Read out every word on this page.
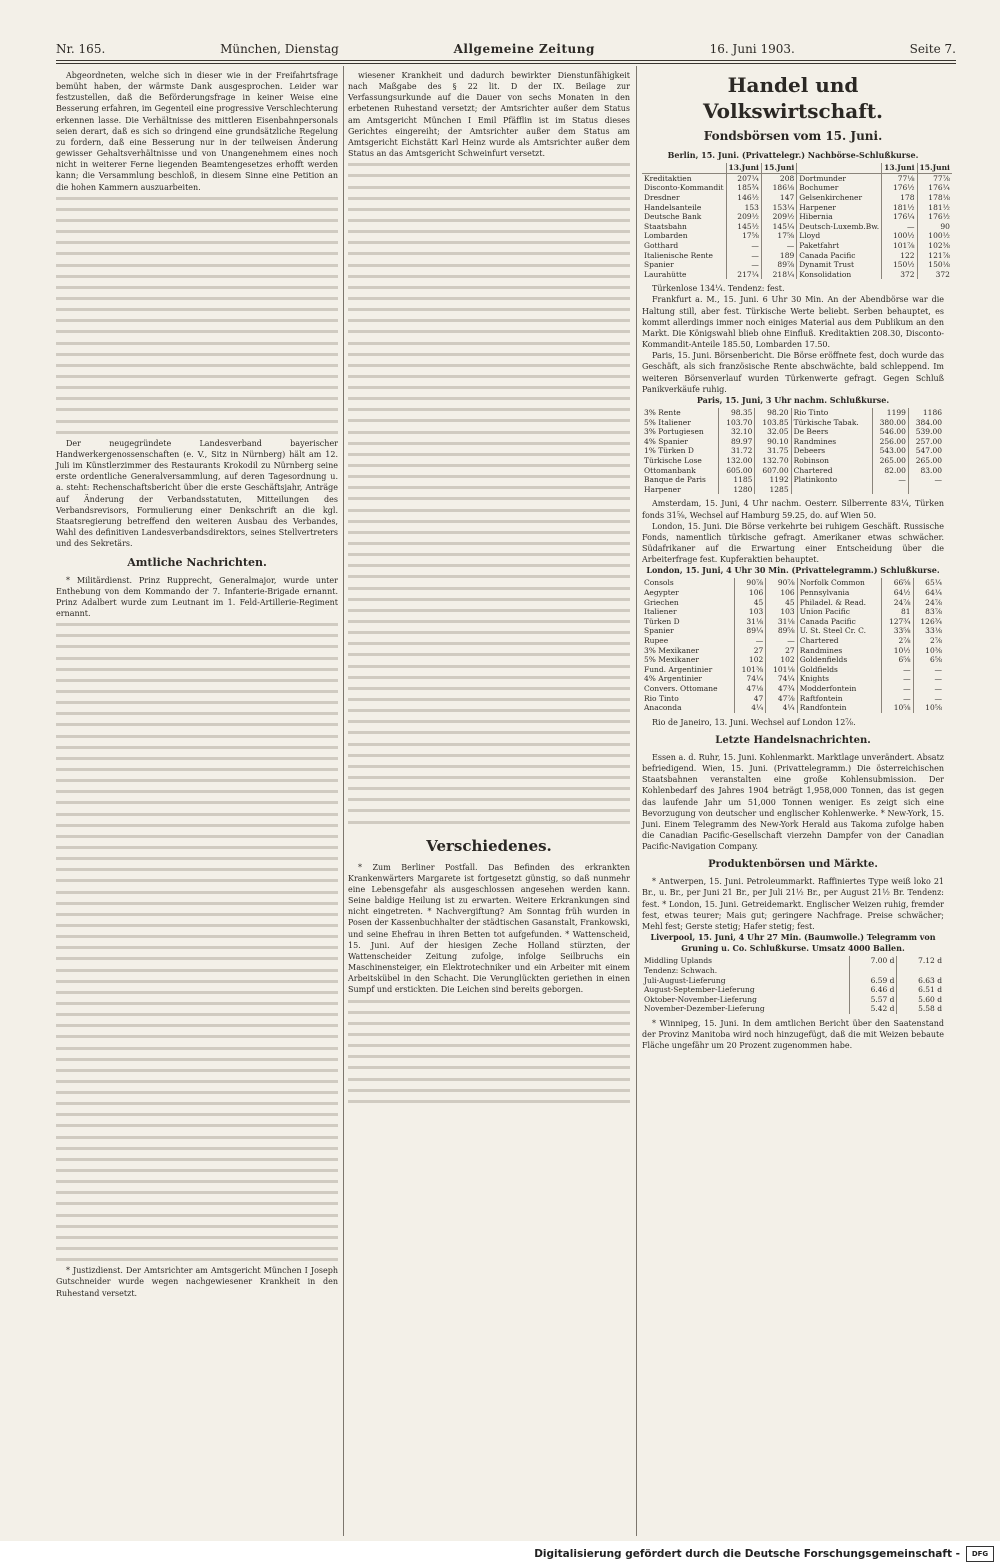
Nr. 165.	München, Dienstag	Allgemeine Zeitung	16. Juni 1903.	Seite 7.

Abgeordneten, welche sich in dieser wie in der Freifahrtsfrage bemüht haben, der wärmste Dank ausgesprochen. Leider war festzustellen, daß die Beförderungsfrage in keiner Weise eine Besserung erfahren, im Gegenteil eine progressive Verschlechterung erkennen lasse. Die Verhältnisse des mittleren Eisenbahnpersonals seien derart, daß es sich so dringend eine grundsätzliche Regelung zu fordern, daß eine Besserung nur in der teilweisen Änderung gewisser Gehaltsverhältnisse und von Unangenehmem eines noch nicht in weiterer Ferne liegenden Beamtengesetzes erhofft werden kann; die Versammlung beschloß, in diesem Sinne eine Petition an die hohen Kammern auszuarbeiten.

Der neugegründete Landesverband bayerischer Handwerkergenossenschaften (e. V., Sitz in Nürnberg) hält am 12. Juli im Künstlerzimmer des Restaurants Krokodil zu Nürnberg seine erste ordentliche Generalversammlung, auf deren Tagesordnung u. a. steht: Rechenschaftsbericht über die erste Geschäftsjahr, Anträge auf Änderung der Verbandsstatuten, Mitteilungen des Verbandsrevisors, Formulierung einer Denkschrift an die kgl. Staatsregierung betreffend den weiteren Ausbau des Verbandes, Wahl des definitiven Landesverbandsdirektors, seines Stellvertreters und des Sekretärs.

Amtliche Nachrichten.

* Militärdienst. Prinz Rupprecht, Generalmajor, wurde unter Enthebung von dem Kommando der 7. Infanterie-Brigade ernannt. Prinz Adalbert wurde zum Leutnant im 1. Feld-Artillerie-Regiment ernannt.

* Justizdienst. Der Amtsrichter am Amtsgericht München I Joseph Gutschneider wurde wegen nachgewiesener Krankheit in den Ruhestand versetzt.

wiesener Krankheit und dadurch bewirkter Dienstunfähigkeit nach Maßgabe des § 22 lit. D der IX. Beilage zur Verfassungsurkunde auf die Dauer von sechs Monaten in den erbetenen Ruhestand versetzt; der Amtsrichter außer dem Status am Amtsgericht München I Emil Pfäfflin ist im Status dieses Gerichtes eingereiht; der Amtsrichter außer dem Status am Amtsgericht Eichstätt Karl Heinz wurde als Amtsrichter außer dem Status an das Amtsgericht Schweinfurt versetzt.

Verschiedenes.

* Zum Berliner Postfall. Das Befinden des erkrankten Krankenwärters Margarete ist fortgesetzt günstig, so daß nunmehr eine Lebensgefahr als ausgeschlossen angesehen werden kann. Seine baldige Heilung ist zu erwarten. Weitere Erkrankungen sind nicht eingetreten. * Nachvergiftung? Am Sonntag früh wurden in Posen der Kassenbuchhalter der städtischen Gasanstalt, Frankowski, und seine Ehefrau in ihren Betten tot aufgefunden. * Wattenscheid, 15. Juni. Auf der hiesigen Zeche Holland stürzten, der Wattenscheider Zeitung zufolge, infolge Seilbruchs ein Maschinensteiger, ein Elektrotechniker und ein Arbeiter mit einem Arbeitskübel in den Schacht. Die Verunglückten geriethen in einen Sumpf und erstickten. Die Leichen sind bereits geborgen.

Handel und Volkswirtschaft.
Fondsbörsen vom 15. Juni.
Berlin, 15. Juni. (Privattelegr.) Nachbörse-Schlußkurse.
	13.Juni	15.Juni		13.Juni	15.Juni
Kreditaktien	207¼	208	Dortmunder	77⅛	77⅞
Disconto-Kommandit	185¾	186⅛	Bochumer	176½	176¼
Dresdner	146½	147	Gelsenkirchener	178	178⅛
Handelsanteile	153	153¼	Harpener	181½	181½
Deutsche Bank	209½	209½	Hibernia	176¼	176½
Staatsbahn	145½	145¼	Deutsch-Luxemb.Bw.	—	90
Lombarden	17⅝	17⅝	Lloyd	100½	100½
Gotthard	—	—	Paketfahrt	101⅞	102⅜
Italienische Rente	—	189	Canada Pacific	122	121⅞
Spanier	—	89⅞	Dynamit Trust	150½	150⅛
Laurahütte	217¼	218¼	Konsolidation	372	372

Türkenlose 134¼. Tendenz: fest.

Frankfurt a. M., 15. Juni. 6 Uhr 30 Min. An der Abendbörse war die Haltung still, aber fest. Türkische Werte beliebt. Serben behauptet, es kommt allerdings immer noch einiges Material aus dem Publikum an den Markt. Die Königswahl blieb ohne Einfluß. Kreditaktien 208.30, Disconto-Kommandit-Anteile 185.50, Lombarden 17.50.

Paris, 15. Juni. Börsenbericht. Die Börse eröffnete fest, doch wurde das Geschäft, als sich französische Rente abschwächte, bald schleppend. Im weiteren Börsenverlauf wurden Türkenwerte gefragt. Gegen Schluß Panikverkäufe ruhig.

Paris, 15. Juni, 3 Uhr nachm. Schlußkurse.
3% Rente	98.35	98.20	Rio Tinto	1199	1186
5% Italiener	103.70	103.85	Türkische Tabak.	380.00	384.00
3% Portugiesen	32.10	32.05	De Beers	546.00	539.00
4% Spanier	89.97	90.10	Randmines	256.00	257.00
1% Türken D	31.72	31.75	Debeers	543.00	547.00
Türkische Lose	132.00	132.70	Robinson	265.00	265.00
Ottomanbank	605.00	607.00	Chartered	82.00	83.00
Banque de Paris	1185	1192	Platinkonto	—	—
Harpener	1280	1285			

Amsterdam, 15. Juni, 4 Uhr nachm. Oesterr. Silberrente 83¼, Türken fonds 31⅝, Wechsel auf Hamburg 59.25, do. auf Wien 50.

London, 15. Juni. Die Börse verkehrte bei ruhigem Geschäft. Russische Fonds, namentlich türkische gefragt. Amerikaner etwas schwächer. Südafrikaner auf die Erwartung einer Entscheidung über die Arbeiterfrage fest. Kupferaktien behauptet.

London, 15. Juni, 4 Uhr 30 Min. (Privattelegramm.) Schlußkurse.
Consols	90⅞	90⅞	Norfolk Common	66⅝	65¼
Aegypter	106	106	Pennsylvania	64½	64¼
Griechen	45	45	Philadel. & Read.	24⅞	24⅞
Italiener	103	103	Union Pacific	81	83⅞
Türken D	31⅛	31⅛	Canada Pacific	127¾	126¾
Spanier	89¼	89⅝	U. St. Steel Cr. C.	33⅝	33⅛
Rupee	—	—	Chartered	2⅞	2⅞
3% Mexikaner	27	27	Randmines	10½	10⅜
5% Mexikaner	102	102	Goldenfields	6⅝	6⅝
Fund. Argentinier	101⅜	101⅛	Goldfields	—	—
4% Argentinier	74¼	74¼	Knights	—	—
Convers. Ottomane	47⅛	47¾	Modderfontein	—	—
Rio Tinto	47	47⅞	Raftfontein	—	—
Anaconda	4¼	4¼	Randfontein	10⅝	10⅝

Rio de Janeiro, 13. Juni. Wechsel auf London 12⅞.

Letzte Handelsnachrichten.

Essen a. d. Ruhr, 15. Juni. Kohlenmarkt. Marktlage unverändert. Absatz befriedigend. Wien, 15. Juni. (Privattelegramm.) Die österreichischen Staatsbahnen veranstalten eine große Kohlensubmission. Der Kohlenbedarf des Jahres 1904 beträgt 1,958,000 Tonnen, das ist gegen das laufende Jahr um 51,000 Tonnen weniger. Es zeigt sich eine Bevorzugung von deutscher und englischer Kohlenwerke. * New-York, 15. Juni. Einem Telegramm des New-York Herald aus Takoma zufolge haben die Canadian Pacific-Gesellschaft vierzehn Dampfer von der Canadian Pacific-Navigation Company.

Produktenbörsen und Märkte.

* Antwerpen, 15. Juni. Petroleummarkt. Raffiniertes Type weiß loko 21 Br., u. Br., per Juni 21 Br., per Juli 21½ Br., per August 21½ Br. Tendenz: fest. * London, 15. Juni. Getreidemarkt. Englischer Weizen ruhig, fremder fest, etwas teurer; Mais gut; geringere Nachfrage. Preise schwächer; Mehl fest; Gerste stetig; Hafer stetig; fest.

Liverpool, 15. Juni, 4 Uhr 27 Min. (Baumwolle.) Telegramm von Gruning u. Co. Schlußkurse. Umsatz 4000 Ballen.
Middling Uplands	7.00 d	7.12 d
Tendenz: Schwach.		
Juli-August-Lieferung	6.59 d	6.63 d
August-September-Lieferung	6.46 d	6.51 d
Oktober-November-Lieferung	5.57 d	5.60 d
November-Dezember-Lieferung	5.42 d	5.58 d

* Winnipeg, 15. Juni. In dem amtlichen Bericht über den Saatenstand der Provinz Manitoba wird noch hinzugefügt, daß die mit Weizen bebaute Fläche ungefähr um 20 Prozent zugenommen habe.

Digitalisierung gefördert durch die Deutsche Forschungsgemeinschaft -	DFG
